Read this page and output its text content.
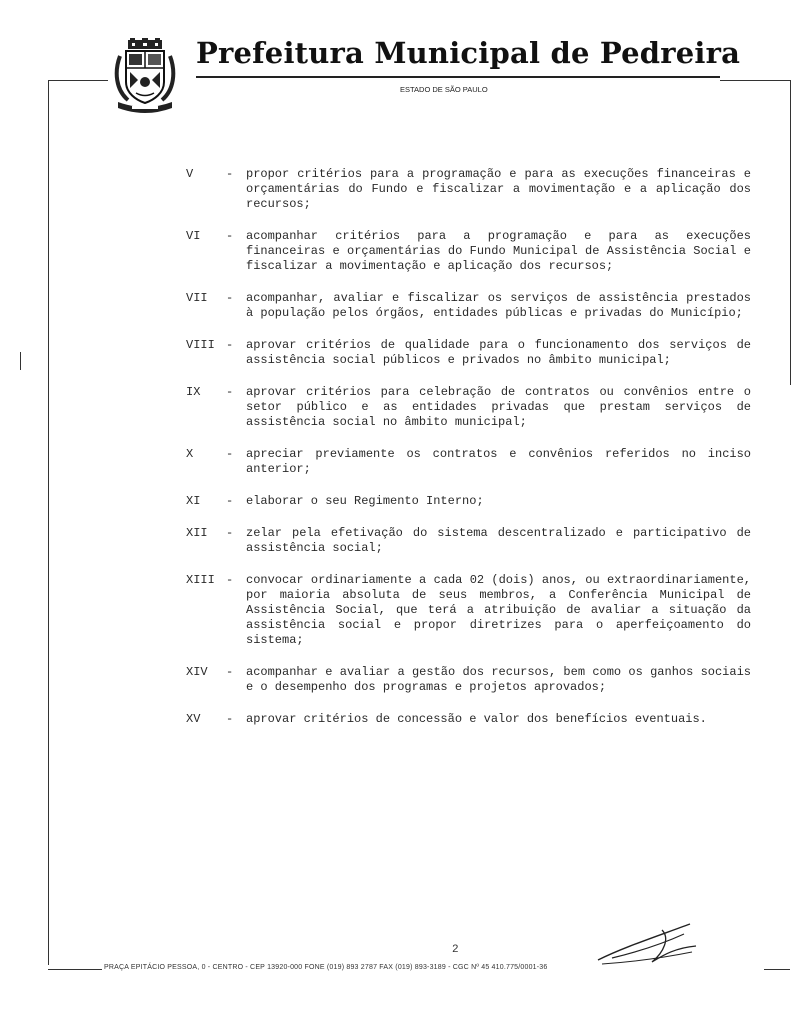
Prefeitura Municipal de Pedreira
ESTADO DE SÃO PAULO
V	-	propor critérios para a programação e para as execuções financeiras e orçamentárias do Fundo e fiscalizar a movimentação e a aplicação dos recursos;
VI	-	acompanhar critérios para a programação e para as execuções financeiras e orçamentárias do Fundo Municipal de Assistência Social e fiscalizar a movimentação e aplicação dos recursos;
VII	-	acompanhar, avaliar e fiscalizar os serviços de assistência prestados à população pelos órgãos, entidades públicas e privadas do Município;
VIII -	aprovar critérios de qualidade para o funcionamento dos serviços de assistência social públicos e privados no âmbito municipal;
IX	-	aprovar critérios para celebração de contratos ou convênios entre o setor público e as entidades privadas que prestam serviços de assistência social no âmbito municipal;
X	-	apreciar previamente os contratos e convênios referidos no inciso anterior;
XI	-	elaborar o seu Regimento Interno;
XII	-	zelar pela efetivação do sistema descentralizado e participativo de assistência social;
XIII -	convocar ordinariamente a cada 02 (dois) anos, ou extraordinariamente, por maioria absoluta de seus membros, a Conferência Municipal de Assistência Social, que terá a atribuição de avaliar a situação da assistência social e propor diretrizes para o aperfeiçoamento do sistema;
XIV	-	acompanhar e avaliar a gestão dos recursos, bem como os ganhos sociais e o desempenho dos programas e projetos aprovados;
XV	-	aprovar critérios de concessão e valor dos benefícios eventuais.
2
PRAÇA EPITÁCIO PESSOA, 0 - CENTRO - CEP 13920-000 FONE (019) 893 2787 FAX (019) 893-3189 - CGC Nº 45 410.775/0001-36
